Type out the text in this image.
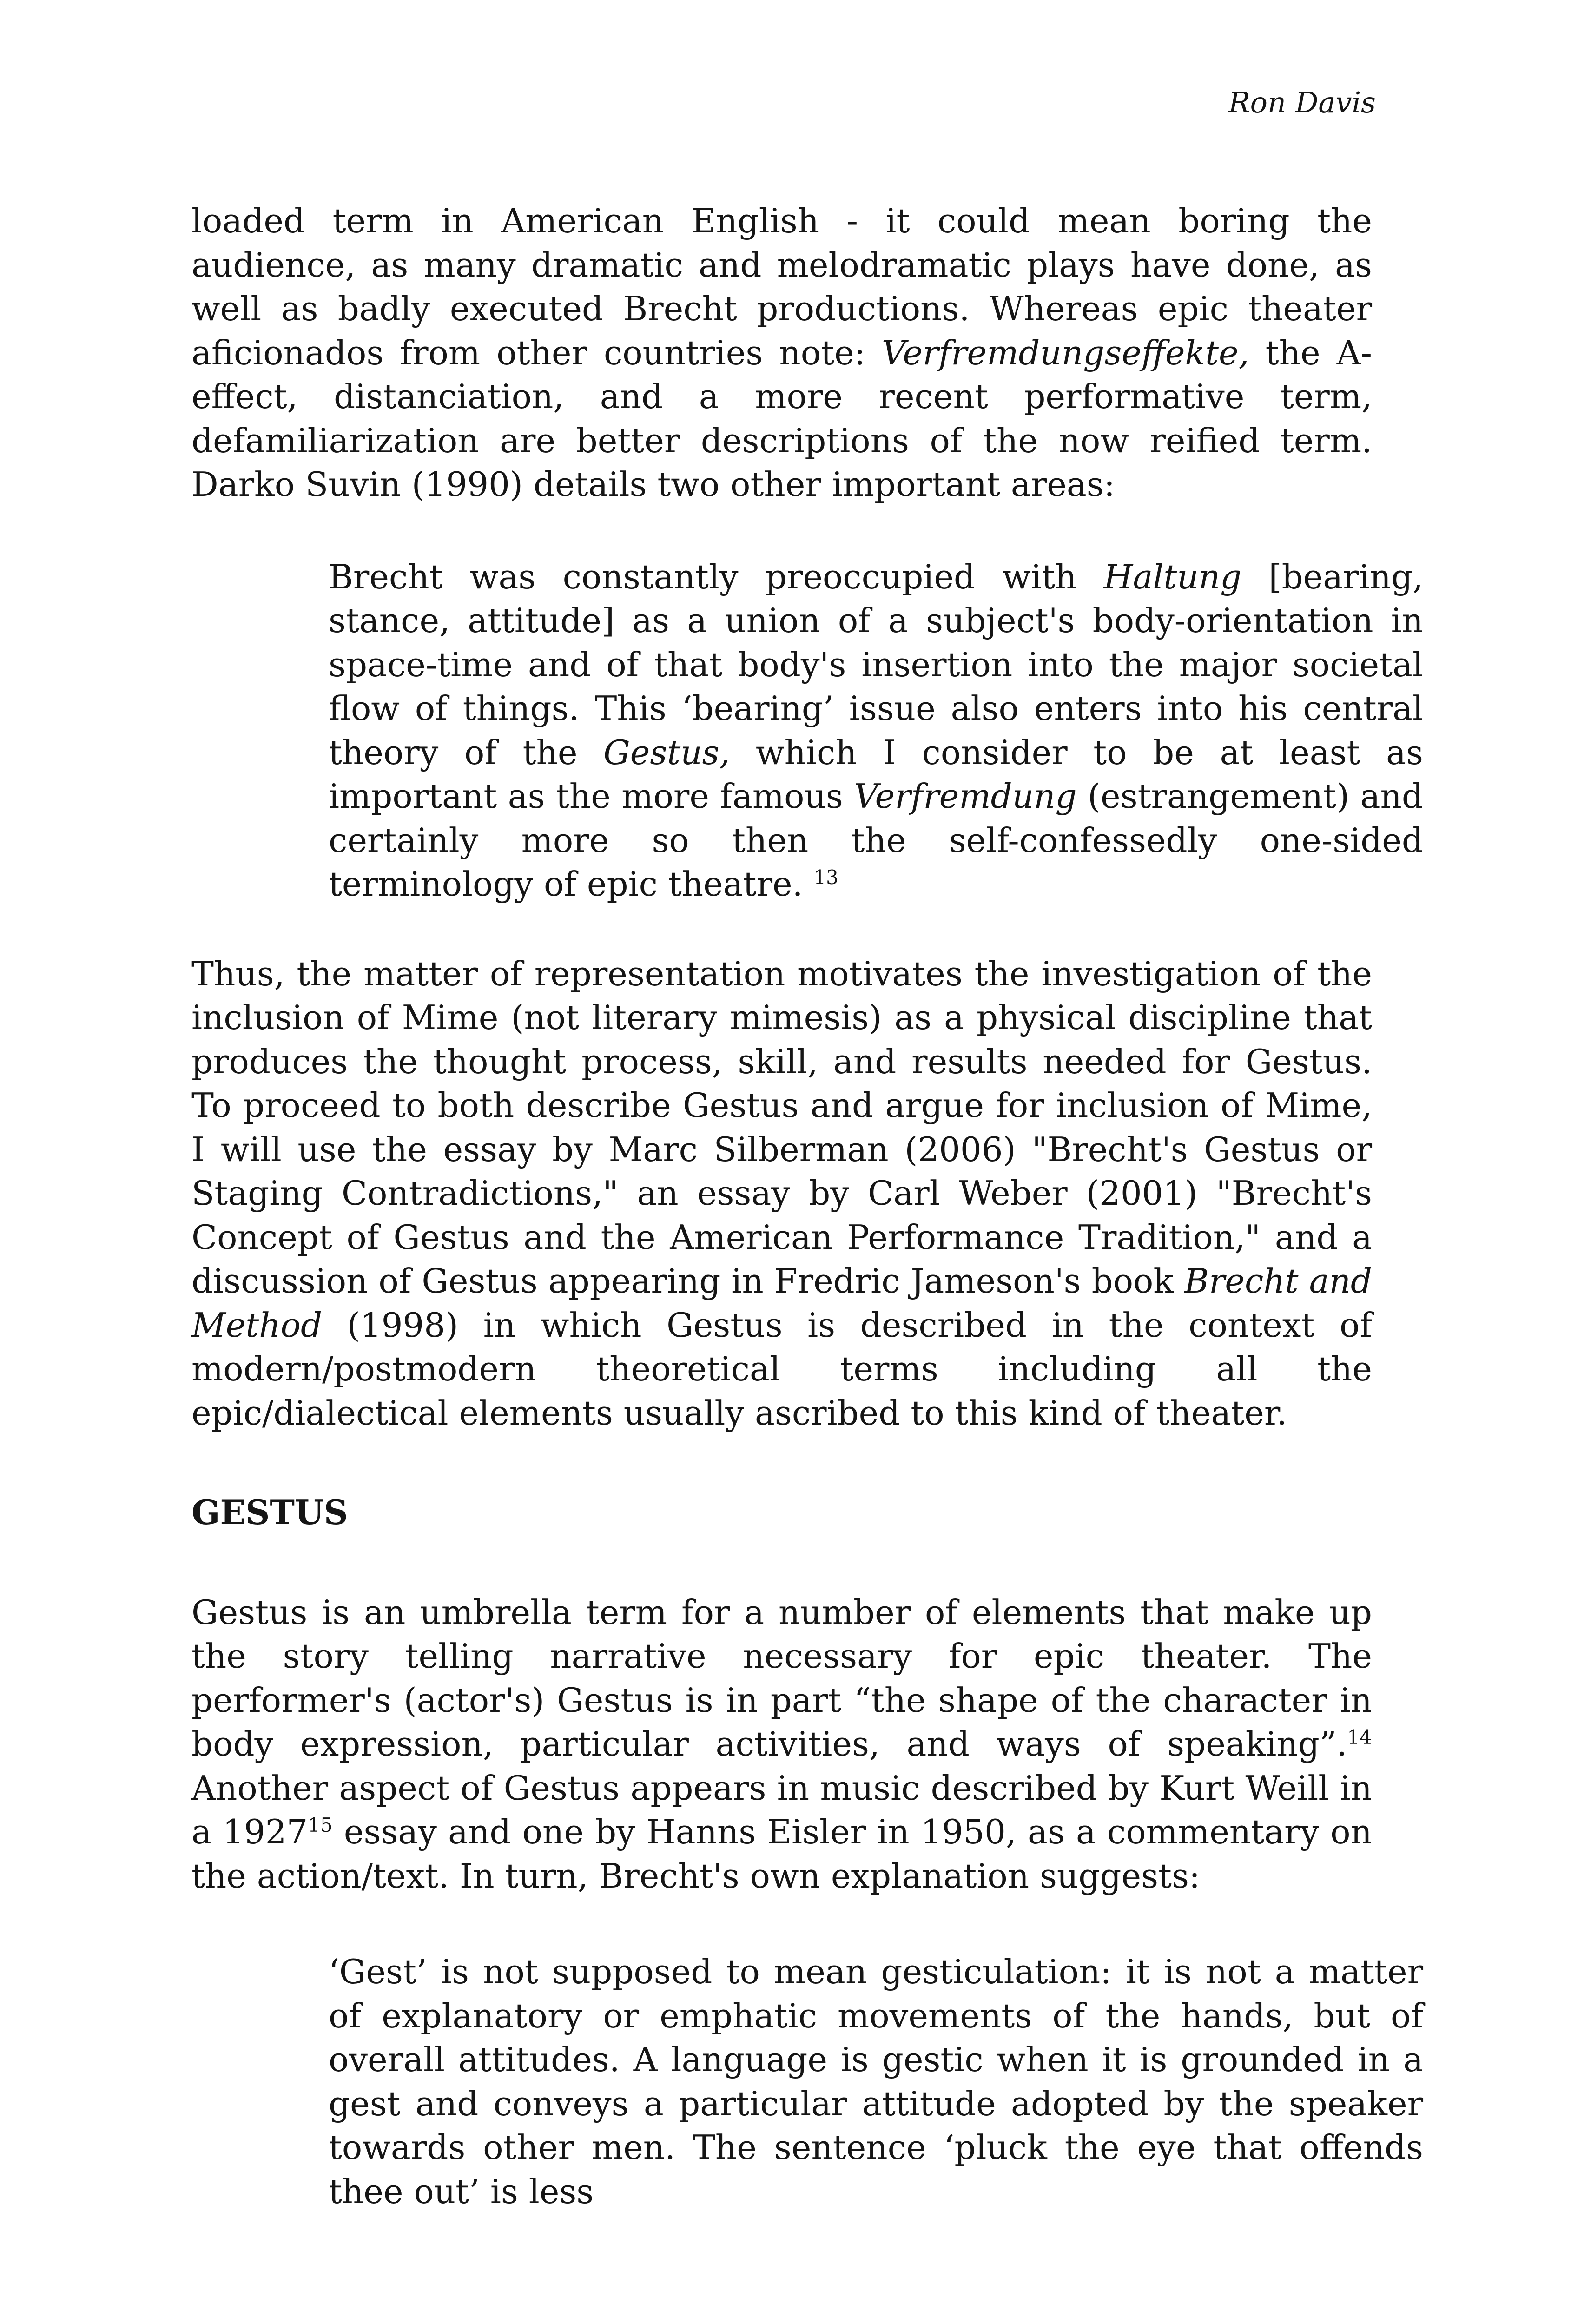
Ron Davis

loaded term in American English - it could mean boring the audience, as many dramatic and melodramatic plays have done, as well as badly executed Brecht productions. Whereas epic theater aficionados from other countries note: Verfremdungseffekte, the A-effect, distanciation, and a more recent performative term, defamiliarization are better descriptions of the now reified term. Darko Suvin (1990) details two other important areas:

Brecht was constantly preoccupied with Haltung [bearing, stance, attitude] as a union of a subject's body-orientation in space-time and of that body's insertion into the major societal flow of things. This ‘bearing’ issue also enters into his central theory of the Gestus, which I consider to be at least as important as the more famous Verfremdung (estrangement) and certainly more so then the self-confessedly one-sided terminology of epic theatre. $^{13}$

Thus, the matter of representation motivates the investigation of the inclusion of Mime (not literary mimesis) as a physical discipline that produces the thought process, skill, and results needed for Gestus. To proceed to both describe Gestus and argue for inclusion of Mime, I will use the essay by Marc Silberman (2006) "Brecht's Gestus or Staging Contradictions," an essay by Carl Weber (2001) "Brecht's Concept of Gestus and the American Performance Tradition," and a discussion of Gestus appearing in Fredric Jameson's book Brecht and Method (1998) in which Gestus is described in the context of modern/postmodern theoretical terms including all the epic/dialectical elements usually ascribed to this kind of theater.

GESTUS

Gestus is an umbrella term for a number of elements that make up the story telling narrative necessary for epic theater. The performer's (actor's) Gestus is in part “the shape of the character in body expression, particular activities, and ways of speaking”.$^{14}$ Another aspect of Gestus appears in music described by Kurt Weill in a 1927$^{15}$ essay and one by Hanns Eisler in 1950, as a commentary on the action/text. In turn, Brecht's own explanation suggests:

‘Gest’ is not supposed to mean gesticulation: it is not a matter of explanatory or emphatic movements of the hands, but of overall attitudes. A language is gestic when it is grounded in a gest and conveys a particular attitude adopted by the speaker towards other men. The sentence ‘pluck the eye that offends thee out’ is less
